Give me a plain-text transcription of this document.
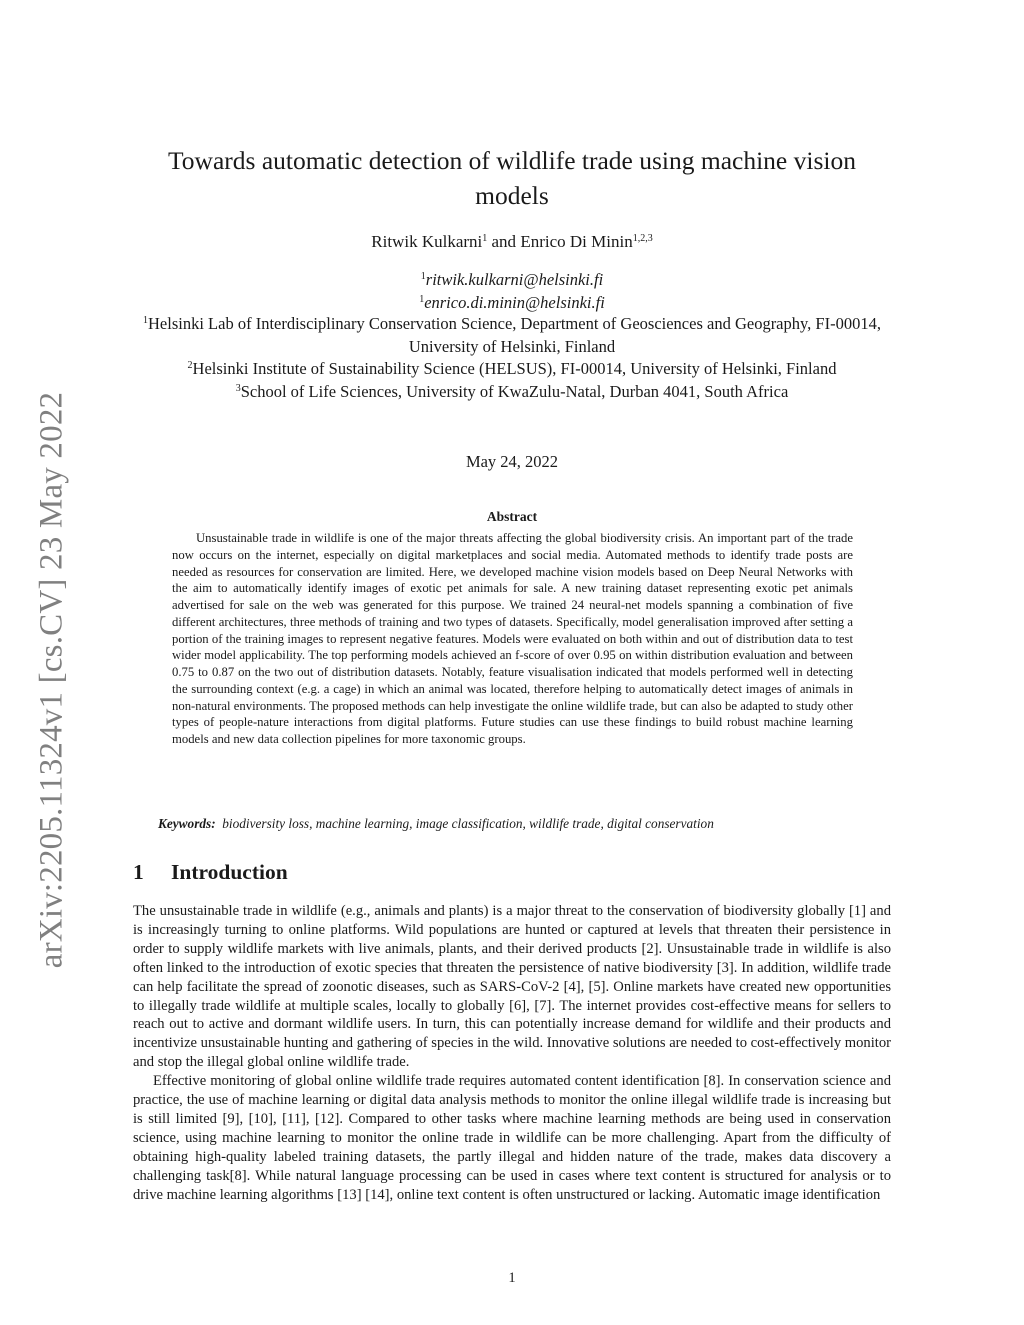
arXiv:2205.11324v1 [cs.CV] 23 May 2022
Towards automatic detection of wildlife trade using machine vision models
Ritwik Kulkarni$^1$ and Enrico Di Minin$^{1,2,3}$
$^1$ritwik.kulkarni@helsinki.fi
$^1$enrico.di.minin@helsinki.fi
$^1$Helsinki Lab of Interdisciplinary Conservation Science, Department of Geosciences and Geography, FI-00014, University of Helsinki, Finland
$^2$Helsinki Institute of Sustainability Science (HELSUS), FI-00014, University of Helsinki, Finland
$^3$School of Life Sciences, University of KwaZulu-Natal, Durban 4041, South Africa
May 24, 2022
Abstract
Unsustainable trade in wildlife is one of the major threats affecting the global biodiversity crisis. An important part of the trade now occurs on the internet, especially on digital marketplaces and social media. Automated methods to identify trade posts are needed as resources for conservation are limited. Here, we developed machine vision models based on Deep Neural Networks with the aim to automatically identify images of exotic pet animals for sale. A new training dataset representing exotic pet animals advertised for sale on the web was generated for this purpose. We trained 24 neural-net models spanning a combination of five different architectures, three methods of training and two types of datasets. Specifically, model generalisation improved after setting a portion of the training images to represent negative features. Models were evaluated on both within and out of distribution data to test wider model applicability. The top performing models achieved an f-score of over 0.95 on within distribution evaluation and between 0.75 to 0.87 on the two out of distribution datasets. Notably, feature visualisation indicated that models performed well in detecting the surrounding context (e.g. a cage) in which an animal was located, therefore helping to automatically detect images of animals in non-natural environments. The proposed methods can help investigate the online wildlife trade, but can also be adapted to study other types of people-nature interactions from digital platforms. Future studies can use these findings to build robust machine learning models and new data collection pipelines for more taxonomic groups.
Keywords: biodiversity loss, machine learning, image classification, wildlife trade, digital conservation
1 Introduction

The unsustainable trade in wildlife (e.g., animals and plants) is a major threat to the conservation of biodiversity globally [1] and is increasingly turning to online platforms. Wild populations are hunted or captured at levels that threaten their persistence in order to supply wildlife markets with live animals, plants, and their derived products [2]. Unsustainable trade in wildlife is also often linked to the introduction of exotic species that threaten the persistence of native biodiversity [3]. In addition, wildlife trade can help facilitate the spread of zoonotic diseases, such as SARS-CoV-2 [4], [5]. Online markets have created new opportunities to illegally trade wildlife at multiple scales, locally to globally [6], [7]. The internet provides cost-effective means for sellers to reach out to active and dormant wildlife users. In turn, this can potentially increase demand for wildlife and their products and incentivize unsustainable hunting and gathering of species in the wild. Innovative solutions are needed to cost-effectively monitor and stop the illegal global online wildlife trade.

Effective monitoring of global online wildlife trade requires automated content identification [8]. In conservation science and practice, the use of machine learning or digital data analysis methods to monitor the online illegal wildlife trade is increasing but is still limited [9], [10], [11], [12]. Compared to other tasks where machine learning methods are being used in conservation science, using machine learning to monitor the online trade in wildlife can be more challenging. Apart from the difficulty of obtaining high-quality labeled training datasets, the partly illegal and hidden nature of the trade, makes data discovery a challenging task[8]. While natural language processing can be used in cases where text content is structured for analysis or to drive machine learning algorithms [13] [14], online text content is often unstructured or lacking. Automatic image identification

1
